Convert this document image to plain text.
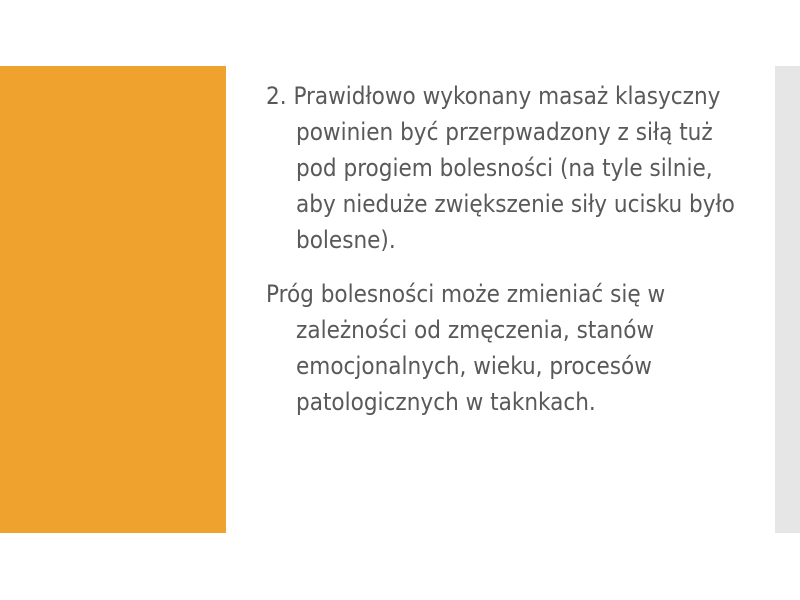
2. Prawidłowo wykonany masaż klasyczny powinien być przerpwadzony z siłą tuż pod progiem bolesności (na tyle silnie, aby nieduże zwiększenie siły ucisku było bolesne).

Próg bolesności może zmieniać się w zależności od zmęczenia, stanów emocjonalnych, wieku, procesów patologicznych w taknkach.
